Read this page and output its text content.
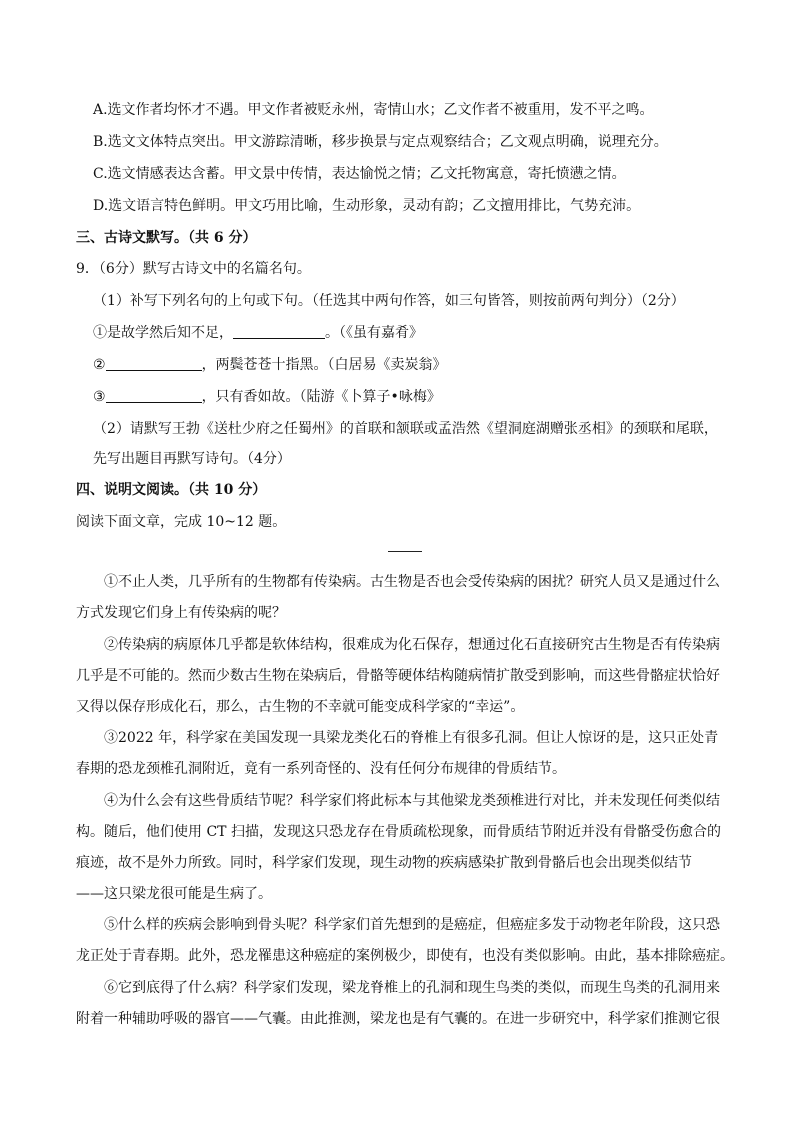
A.选文作者均怀才不遇。甲文作者被贬永州，寄情山水；乙文作者不被重用，发不平之鸣。
B.选文文体特点突出。甲文游踪清晰，移步换景与定点观察结合；乙文观点明确，说理充分。
C.选文情感表达含蓄。甲文景中传情，表达愉悦之情；乙文托物寓意，寄托愤懑之情。
D.选文语言特色鲜明。甲文巧用比喻，生动形象，灵动有韵；乙文擅用排比，气势充沛。
三、古诗文默写。（共 6 分）
9．（6分）默写古诗文中的名篇名句。
（1）补写下列名句的上句或下句。（任选其中两句作答，如三句皆答，则按前两句判分）（2分）
①是故学然后知不足，	。（《虽有嘉肴》
②	，两鬓苍苍十指黑。（白居易《卖炭翁》
③	，只有香如故。（陆游《卜算子•咏梅》
（2）请默写王勃《送杜少府之任蜀州》的首联和颔联或孟浩然《望洞庭湖赠张丞相》的颈联和尾联，
先写出题目再默写诗句。（4分）
四、说明文阅读。（共 10 分）
阅读下面文章，完成 10~12 题。
①不止人类，几乎所有的生物都有传染病。古生物是否也会受传染病的困扰？研究人员又是通过什么
方式发现它们身上有传染病的呢？
②传染病的病原体几乎都是软体结构，很难成为化石保存，想通过化石直接研究古生物是否有传染病
几乎是不可能的。然而少数古生物在染病后，骨骼等硬体结构随病情扩散受到影响，而这些骨骼症状恰好
又得以保存形成化石，那么，古生物的不幸就可能变成科学家的“幸运”。
③2022 年，科学家在美国发现一具梁龙类化石的脊椎上有很多孔洞。但让人惊讶的是，这只正处青
春期的恐龙颈椎孔洞附近，竟有一系列奇怪的、没有任何分布规律的骨质结节。
④为什么会有这些骨质结节呢？科学家们将此标本与其他梁龙类颈椎进行对比，并未发现任何类似结
构。随后，他们使用 CT 扫描，发现这只恐龙存在骨质疏松现象，而骨质结节附近并没有骨骼受伤愈合的
痕迹，故不是外力所致。同时，科学家们发现，现生动物的疾病感染扩散到骨骼后也会出现类似结节
——这只梁龙很可能是生病了。
⑤什么样的疾病会影响到骨头呢？科学家们首先想到的是癌症，但癌症多发于动物老年阶段，这只恐
龙正处于青春期。此外，恐龙罹患这种癌症的案例极少，即使有，也没有类似影响。由此，基本排除癌症。
⑥它到底得了什么病？科学家们发现，梁龙脊椎上的孔洞和现生鸟类的类似，而现生鸟类的孔洞用来
附着一种辅助呼吸的器官——气囊。由此推测，梁龙也是有气囊的。在进一步研究中，科学家们推测它很
